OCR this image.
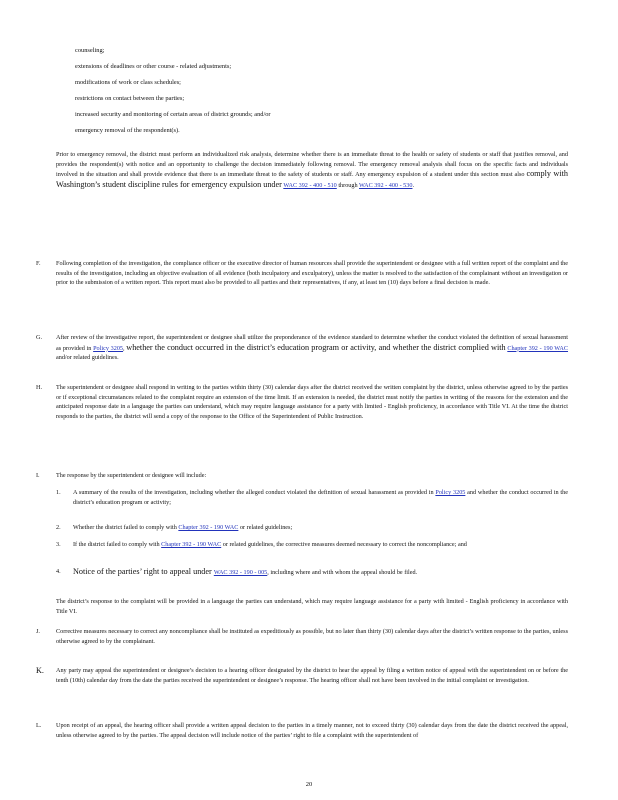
counseling;
extensions of deadlines or other course - related adjustments;
modifications of work or class schedules;
restrictions on contact between the parties;
increased security and monitoring of certain areas of district grounds; and/or
emergency removal of the respondent(s).
Prior to emergency removal, the district must perform an individualized risk analysis, determine whether there is an immediate threat to the health or safety of students or staff that justifies removal, and provides the respondent(s) with notice and an opportunity to challenge the decision immediately following removal. The emergency removal analysis shall focus on the specific facts and individuals involved in the situation and shall provide evidence that there is an immediate threat to the safety of students or staff. Any emergency expulsion of a student under this section must also comply with Washington’s student discipline rules for emergency expulsion under WAC 392 - 400 - 510 through WAC 392 - 400 - 530.
F.	Following completion of the investigation, the compliance officer or the executive director of human resources shall provide the superintendent or designee with a full written report of the complaint and the results of the investigation, including an objective evaluation of all evidence (both inculpatory and exculpatory), unless the matter is resolved to the satisfaction of the complainant without an investigation or prior to the submission of a written report. This report must also be provided to all parties and their representatives, if any, at least ten (10) days before a final decision is made.
G.	After review of the investigative report, the superintendent or designee shall utilize the preponderance of the evidence standard to determine whether the conduct violated the definition of sexual harassment as provided in Policy 3205, whether the conduct occurred in the district’s education program or activity, and whether the district complied with Chapter 392 - 190 WAC and/or related guidelines.
H.	The superintendent or designee shall respond in writing to the parties within thirty (30) calendar days after the district received the written complaint by the district, unless otherwise agreed to by the parties or if exceptional circumstances related to the complaint require an extension of the time limit. If an extension is needed, the district must notify the parties in writing of the reasons for the extension and the anticipated response date in a language the parties can understand, which may require language assistance for a party with limited - English proficiency, in accordance with Title VI. At the time the district responds to the parties, the district will send a copy of the response to the Office of the Superintendent of Public Instruction.
I.	The response by the superintendent or designee will include:
1.	A summary of the results of the investigation, including whether the alleged conduct violated the definition of sexual harassment as provided in Policy 3205 and whether the conduct occurred in the district’s education program or activity;
2.	Whether the district failed to comply with Chapter 392 - 190 WAC or related guidelines;
3.	If the district failed to comply with Chapter 392 - 190 WAC or related guidelines, the corrective measures deemed necessary to correct the noncompliance; and
4.	Notice of the parties’ right to appeal under WAC 392 - 190 - 005, including where and with whom the appeal should be filed.
The district’s response to the complaint will be provided in a language the parties can understand, which may require language assistance for a party with limited - English proficiency in accordance with Title VI.
J.	Corrective measures necessary to correct any noncompliance shall be instituted as expeditiously as possible, but no later than thirty (30) calendar days after the district’s written response to the parties, unless otherwise agreed to by the complainant.
K.	Any party may appeal the superintendent or designee’s decision to a hearing officer designated by the district to hear the appeal by filing a written notice of appeal with the superintendent on or before the tenth (10th) calendar day from the date the parties received the superintendent or designee’s response. The hearing officer shall not have been involved in the initial complaint or investigation.
L.	Upon receipt of an appeal, the hearing officer shall provide a written appeal decision to the parties in a timely manner, not to exceed thirty (30) calendar days from the date the district received the appeal, unless otherwise agreed to by the parties. The appeal decision will include notice of the parties’ right to file a complaint with the superintendent of
20
